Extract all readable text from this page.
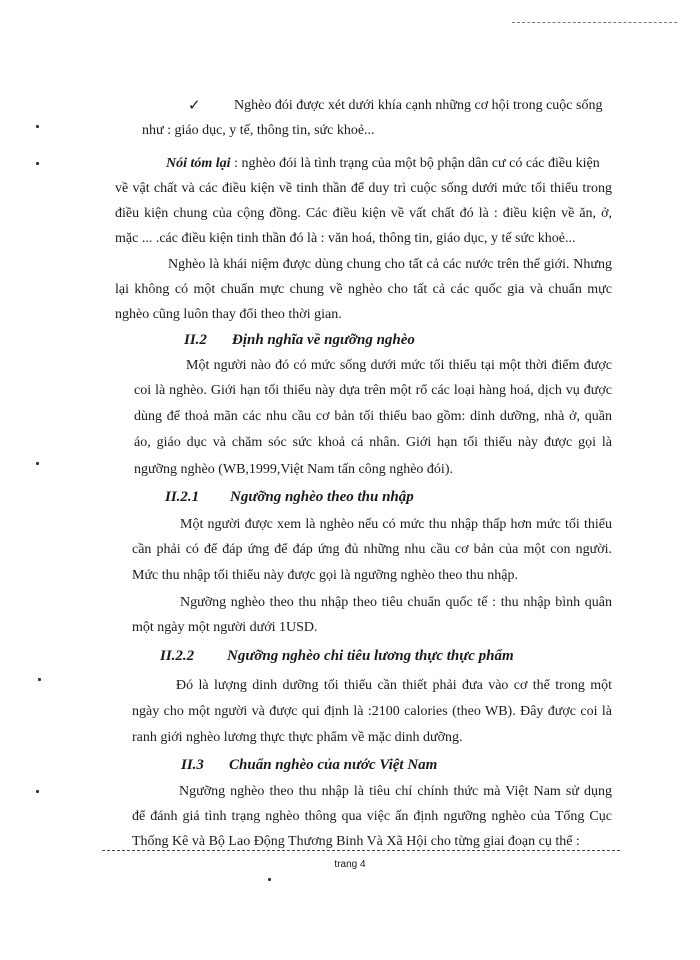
✓ Nghèo đói được xét dưới khía cạnh những cơ hội trong cuộc sống
như : giáo dục, y tế, thông tin, sức khoẻ...
Nói tóm lại : nghèo đói là tình trạng của một bộ phận dân cư có các điều kiện
về vật chất và các điều kiện về tinh thần để duy trì cuộc sống dưới mức tối thiểu trong
điều kiện chung của cộng đồng. Các điều kiện về vất chất đó là : điều kiện về ăn, ở,
mặc ... .các điều kiện tinh thần đó là : văn hoá, thông tin, giáo dục, y tế sức khoẻ...
Nghèo là khái niệm được dùng chung cho tất cả các nước trên thế giới. Nhưng
lại không có một chuẩn mực chung về nghèo cho tất cả các quốc gia và chuẩn mực
nghèo cũng luôn thay đổi theo thời gian.
II.2 Định nghĩa về ngưỡng nghèo
Một người nào đó có mức sống dưới mức tối thiểu tại một thời điểm được
coi là nghèo. Giới hạn tối thiểu này dựa trên một rổ các loại hàng hoá, dịch vụ được
dùng để thoả mãn các nhu cầu cơ bản tối thiểu bao gồm: dinh dưỡng, nhà ở, quần
áo, giáo dục và chăm sóc sức khoả cá nhân. Giới hạn tối thiểu này được gọi là
ngưỡng nghèo (WB,1999,Việt Nam tấn công nghèo đói).
II.2.1 Ngưỡng nghèo theo thu nhập
Một người được xem là nghèo nếu có mức thu nhập thấp hơn mức tối thiểu
cần phải có để đáp ứng để đáp ứng đủ những nhu cầu cơ bản của một con người.
Mức thu nhập tối thiểu này được gọi là ngưỡng nghèo theo thu nhập.
Ngưỡng nghèo theo thu nhập theo tiêu chuẩn quốc tế : thu nhập bình quân
một ngày một người dưới 1USD.
II.2.2 Ngưỡng nghèo chi tiêu lương thực thực phẩm
Đó là lượng dinh dưỡng tối thiểu cần thiết phải đưa vào cơ thể trong một
ngày cho một người và được qui định là :2100 calories (theo WB). Đây được coi là
ranh giới nghèo lương thực thực phẩm về mặc dinh dưỡng.
II.3 Chuẩn nghèo của nước Việt Nam
Ngưỡng nghèo theo thu nhập là tiêu chí chính thức mà Việt Nam sử dụng
để đánh giá tình trạng nghèo thông qua việc ấn định ngưỡng nghèo của Tổng Cục
Thống Kê và Bộ Lao Động Thương Binh Và Xã Hội cho từng giai đoạn cụ thể :
trang 4
